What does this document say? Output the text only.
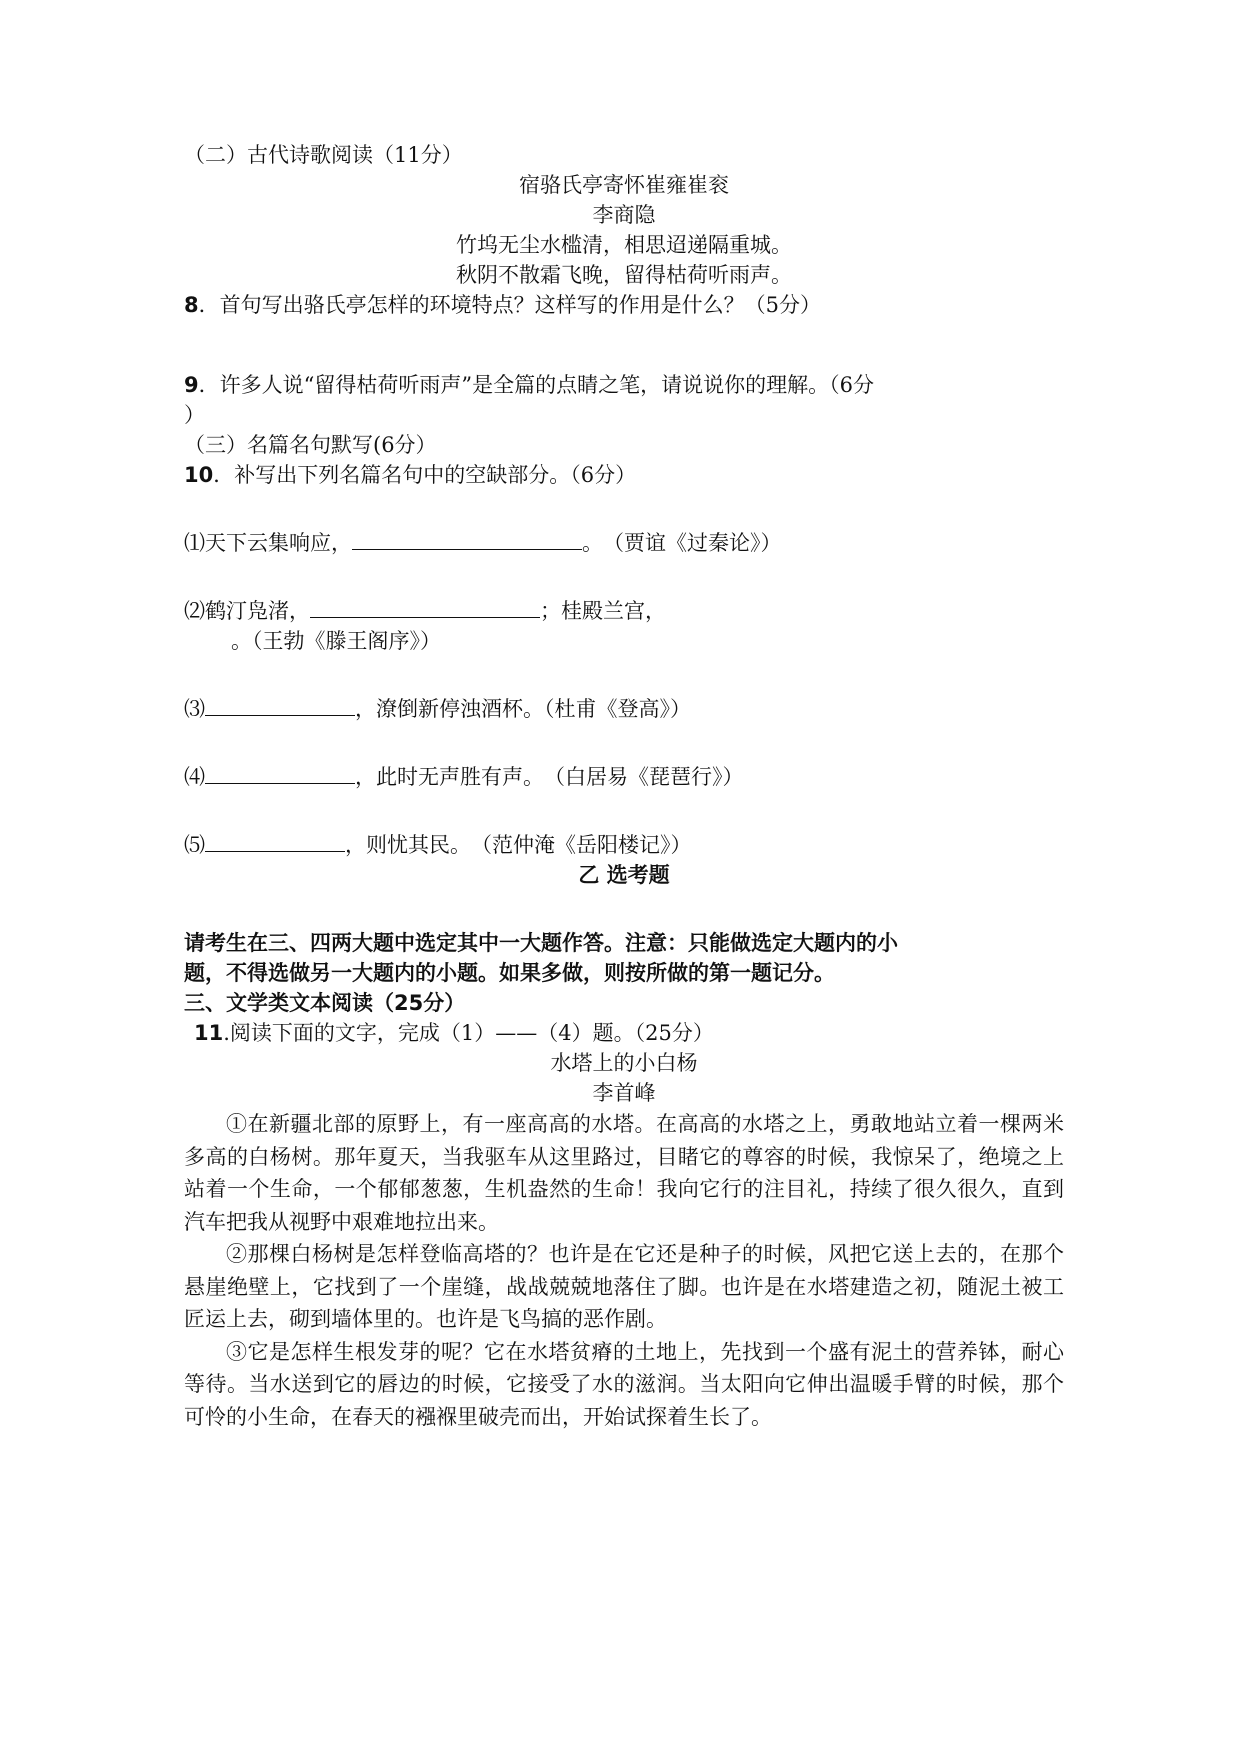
（二）古代诗歌阅读（11分）
宿骆氏亭寄怀崔雍崔衮
李商隐
竹坞无尘水槛清，相思迢递隔重城。
秋阴不散霜飞晚，留得枯荷听雨声。
8．首句写出骆氏亭怎样的环境特点？这样写的作用是什么？（5分）
9．许多人说“留得枯荷听雨声”是全篇的点睛之笔，请说说你的理解。（6分
）
（三）名篇名句默写(6分）
10．补写出下列名篇名句中的空缺部分。（6分）
⑴天下云集响应，	。　（贾谊《过秦论》）
⑵鹤汀凫渚，	；桂殿兰宫，
。（王勃《滕王阁序》）
⑶	，潦倒新停浊酒杯。（杜甫《登高》）
⑷	，此时无声胜有声。　（白居易《琵琶行》）
⑸	，则忧其民。　（范仲淹《岳阳楼记》）
乙 选考题
请考生在三、四两大题中选定其中一大题作答。注意：只能做选定大题内的小
题，不得选做另一大题内的小题。如果多做，则按所做的第一题记分。
三、文学类文本阅读（25分）
11.阅读下面的文字，完成（1）——（4）题。（25分）
水塔上的小白杨
李首峰

①在新疆北部的原野上，有一座高高的水塔。在高高的水塔之上，勇敢地站立着一棵两米多高的白杨树。那年夏天，当我驱车从这里路过，目睹它的尊容的时候，我惊呆了，绝境之上站着一个生命，一个郁郁葱葱，生机盎然的生命！我向它行的注目礼，持续了很久很久，直到汽车把我从视野中艰难地拉出来。

②那棵白杨树是怎样登临高塔的？也许是在它还是种子的时候，风把它送上去的，在那个悬崖绝壁上，它找到了一个崖缝，战战兢兢地落住了脚。也许是在水塔建造之初，随泥土被工匠运上去，砌到墙体里的。也许是飞鸟搞的恶作剧。

③它是怎样生根发芽的呢？它在水塔贫瘠的土地上，先找到一个盛有泥土的营养钵，耐心等待。当水送到它的唇边的时候，它接受了水的滋润。当太阳向它伸出温暖手臂的时候，那个可怜的小生命，在春天的襁褓里破壳而出，开始试探着生长了。
